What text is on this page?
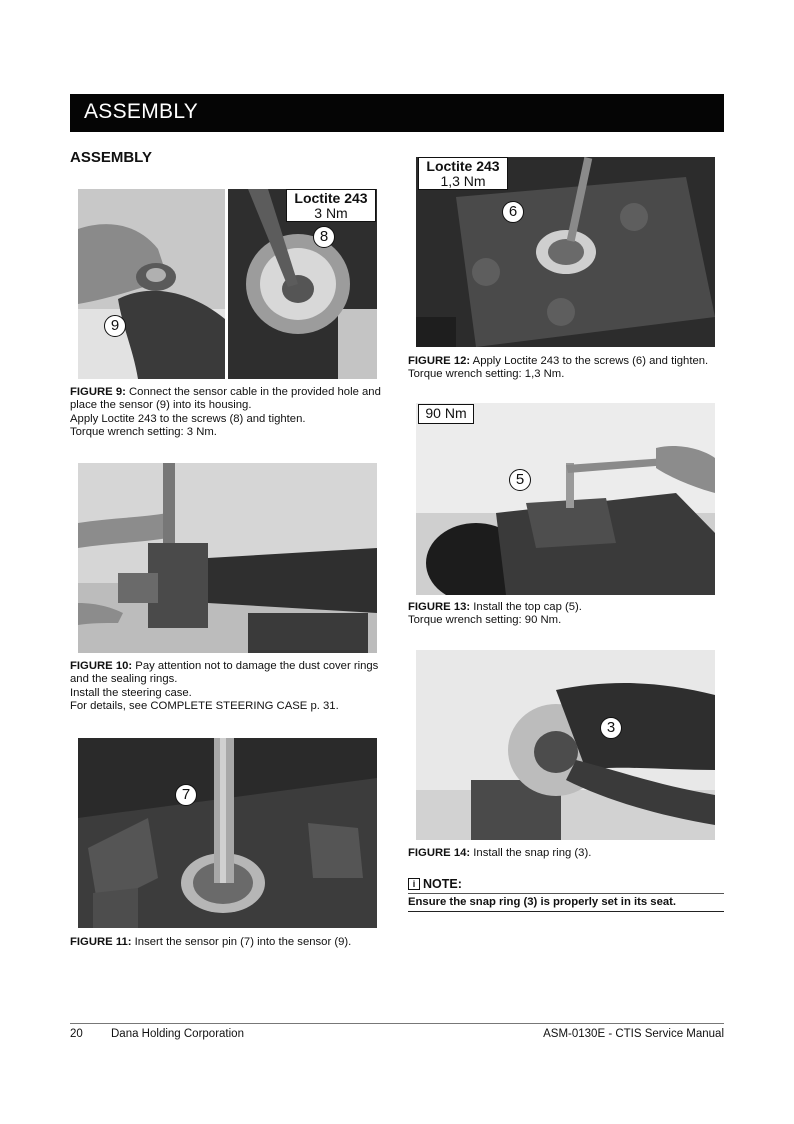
ASSEMBLY
ASSEMBLY
Loctite 243
3 Nm
9
8

FIGURE 9: Connect the sensor cable in the provided hole and

place the sensor (9) into its housing.

Apply Loctite 243 to the screws (8) and tighten.

Torque wrench setting: 3 Nm.

FIGURE 10: Pay attention not to damage the dust cover rings

and the sealing rings.

Install the steering case.

For details, see COMPLETE STEERING CASE p. 31.

7

FIGURE 11: Insert the sensor pin (7) into the sensor (9).

Loctite 243
1,3 Nm
6

FIGURE 12: Apply Loctite 243 to the screws (6) and tighten.

Torque wrench setting: 1,3 Nm.

90 Nm
5

FIGURE 13: Install the top cap (5).

Torque wrench setting: 90 Nm.

3

FIGURE 14: Install the snap ring (3).

i NOTE:
Ensure the snap ring (3) is properly set in its seat.
20 Dana Holding Corporation	ASM-0130E - CTIS Service Manual
